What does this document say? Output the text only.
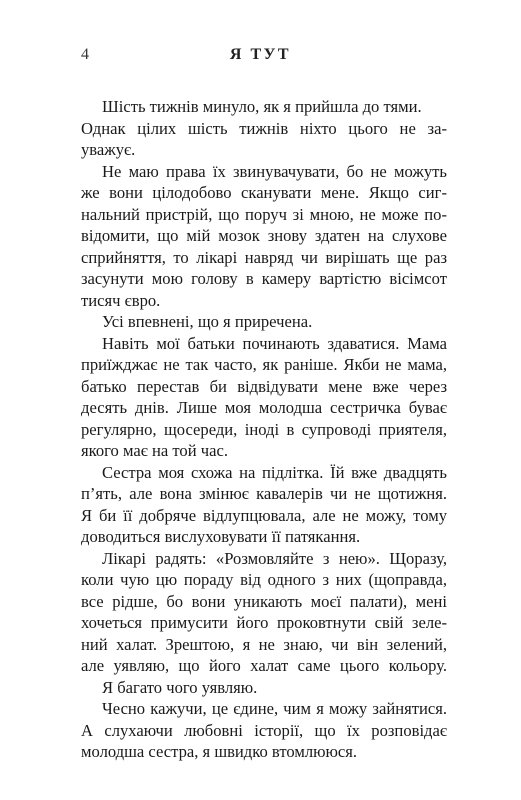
4	Я ТУТ
Шість тижнів минуло, як я прийшла до тями.
Однак цілих шість тижнів ніхто цього не за-
уважує.
Не маю права їх звинувачувати, бо не можуть
же вони цілодобово сканувати мене. Якщо сиг-
нальний пристрій, що поруч зі мною, не може по-
відомити, що мій мозок знову здатен на слухове
сприйняття, то лікарі навряд чи вирішать ще раз
засунути мою голову в камеру вартістю вісімсот
тисяч євро.
Усі впевнені, що я приречена.
Навіть мої батьки починають здаватися. Мама
приїжджає не так часто, як раніше. Якби не мама,
батько перестав би відвідувати мене вже через
десять днів. Лише моя молодша сестричка буває
регулярно, щосереди, іноді в супроводі приятеля,
якого має на той час.
Сестра моя схожа на підлітка. Їй вже двадцять
п’ять, але вона змінює кавалерів чи не щотижня.
Я би її добряче відлупцювала, але не можу, тому
доводиться вислуховувати її патякання.
Лікарі радять: «Розмовляйте з нею». Щоразу,
коли чую цю пораду від одного з них (щоправда,
все рідше, бо вони уникають моєї палати), мені
хочеться примусити його проковтнути свій зеле-
ний халат. Зрештою, я не знаю, чи він зелений,
але уявляю, що його халат саме цього кольору.
Я багато чого уявляю.
Чесно кажучи, це єдине, чим я можу зайнятися.
А слухаючи любовні історії, що їх розповідає
молодша сестра, я швидко втомлююся.
